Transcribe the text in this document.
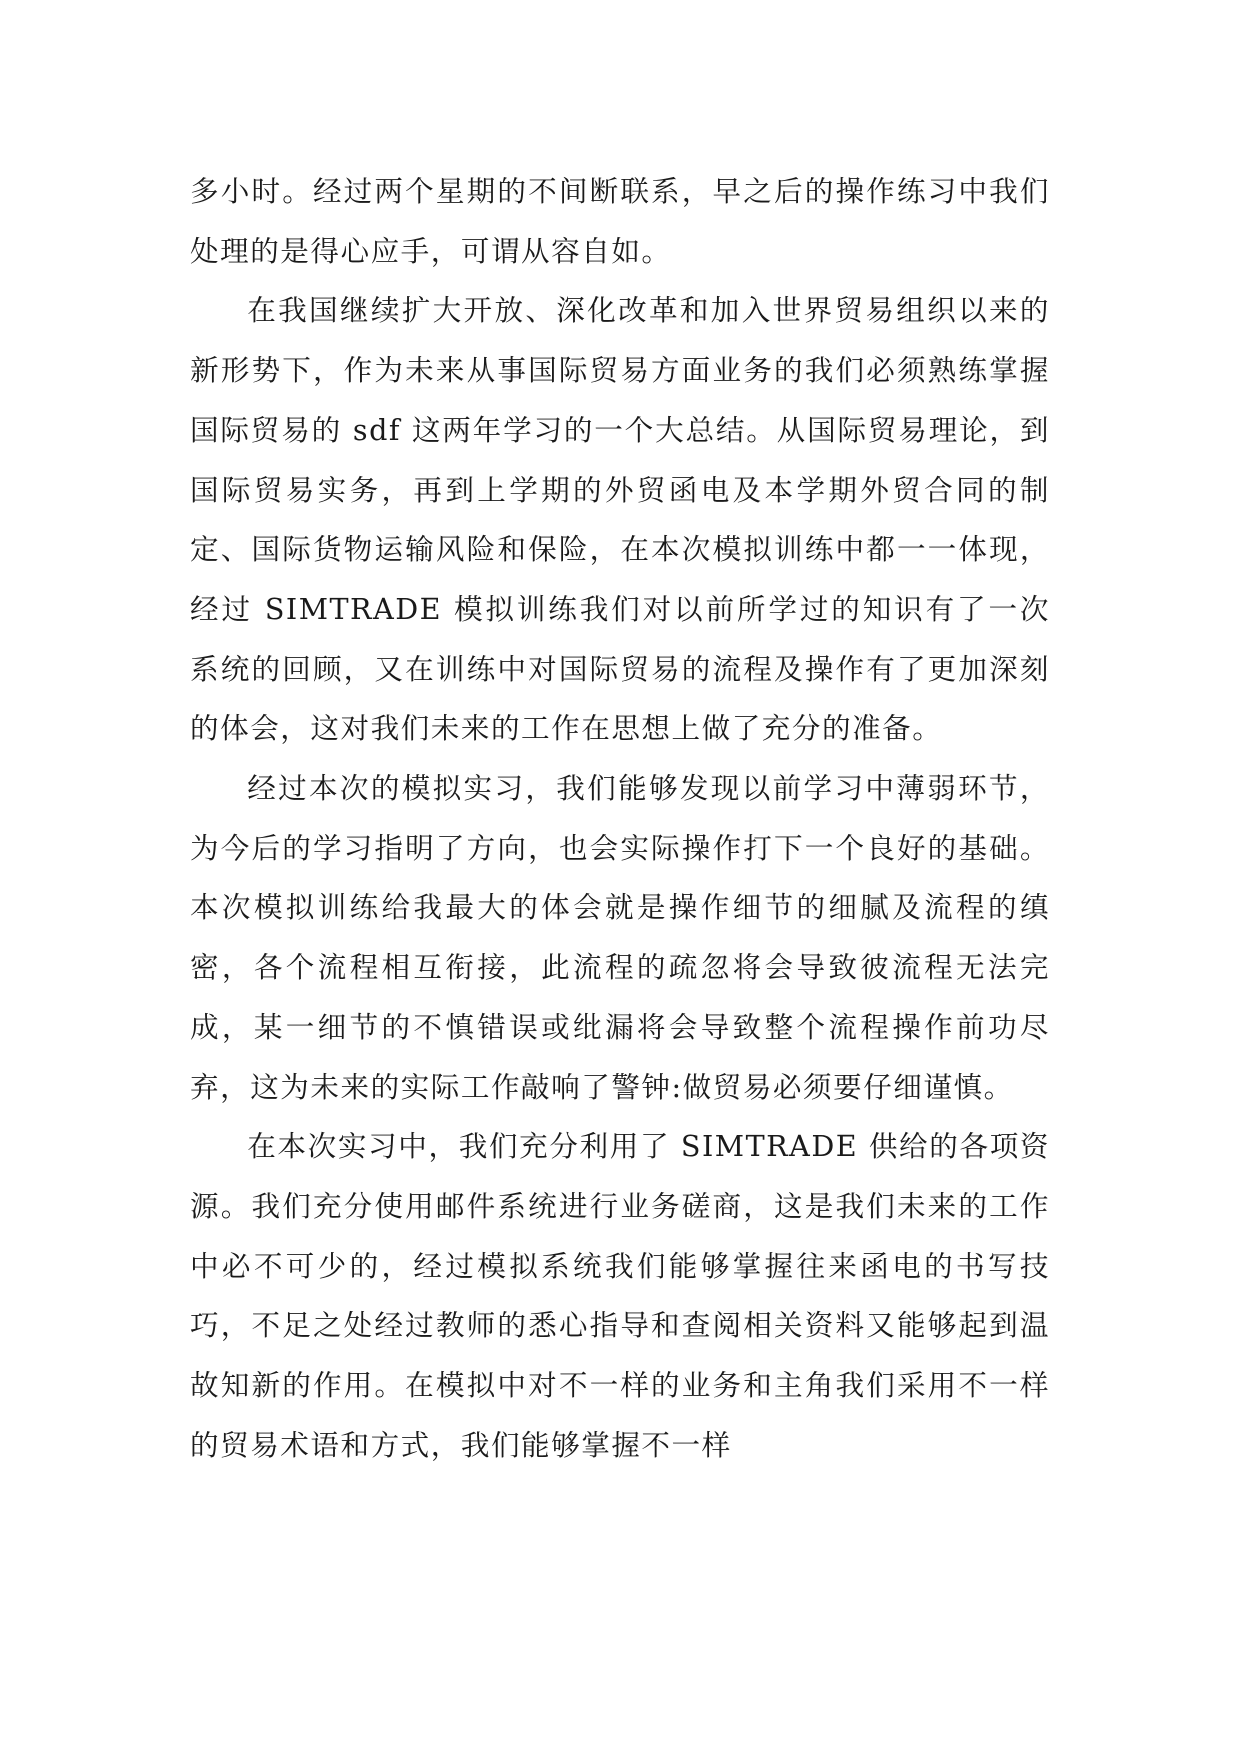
多小时。经过两个星期的不间断联系，早之后的操作练习中我们处理的是得心应手，可谓从容自如。

在我国继续扩大开放、深化改革和加入世界贸易组织以来的新形势下，作为未来从事国际贸易方面业务的我们必须熟练掌握国际贸易的 sdf 这两年学习的一个大总结。从国际贸易理论，到国际贸易实务，再到上学期的外贸函电及本学期外贸合同的制定、国际货物运输风险和保险，在本次模拟训练中都一一体现，经过 SIMTRADE 模拟训练我们对以前所学过的知识有了一次系统的回顾，又在训练中对国际贸易的流程及操作有了更加深刻的体会，这对我们未来的工作在思想上做了充分的准备。

经过本次的模拟实习，我们能够发现以前学习中薄弱环节，为今后的学习指明了方向，也会实际操作打下一个良好的基础。本次模拟训练给我最大的体会就是操作细节的细腻及流程的缜密，各个流程相互衔接，此流程的疏忽将会导致彼流程无法完成，某一细节的不慎错误或纰漏将会导致整个流程操作前功尽弃，这为未来的实际工作敲响了警钟:做贸易必须要仔细谨慎。

在本次实习中，我们充分利用了 SIMTRADE 供给的各项资源。我们充分使用邮件系统进行业务磋商，这是我们未来的工作中必不可少的，经过模拟系统我们能够掌握往来函电的书写技巧，不足之处经过教师的悉心指导和查阅相关资料又能够起到温故知新的作用。在模拟中对不一样的业务和主角我们采用不一样的贸易术语和方式，我们能够掌握不一样
